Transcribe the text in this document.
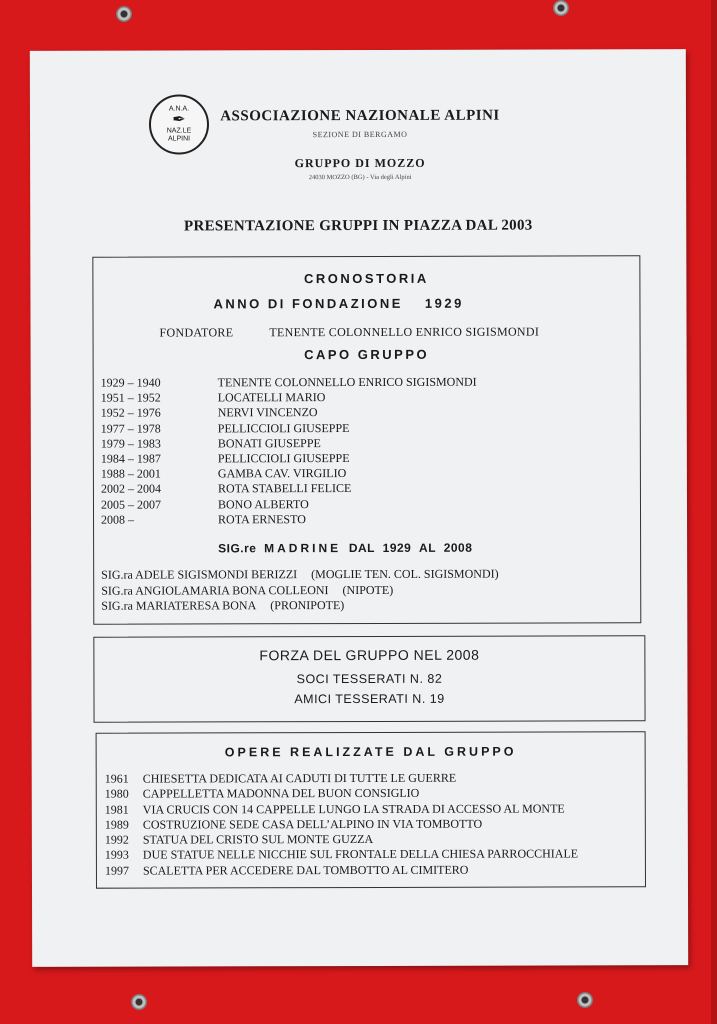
A.N.A.
✒
NAZ.LE
ALPINI
ASSOCIAZIONE NAZIONALE ALPINI
SEZIONE DI BERGAMO
GRUPPO DI MOZZO
24030 MOZZO (BG) - Via degli Alpini
PRESENTAZIONE GRUPPI IN PIAZZA DAL 2003
CRONOSTORIA
ANNO DI FONDAZIONE 1929
FONDATORE	TENENTE COLONNELLO ENRICO SIGISMONDI
CAPO GRUPPO
1929 – 1940	TENENTE COLONNELLO ENRICO SIGISMONDI
1951 – 1952	LOCATELLI MARIO
1952 – 1976	NERVI VINCENZO
1977 – 1978	PELLICCIOLI GIUSEPPE
1979 – 1983	BONATI GIUSEPPE
1984 – 1987	PELLICCIOLI GIUSEPPE
1988 – 2001	GAMBA CAV. VIRGILIO
2002 – 2004	ROTA STABELLI FELICE
2005 – 2007	BONO ALBERTO
2008 –	ROTA ERNESTO
SIG.re MADRINE DAL 1929 AL 2008
SIG.ra ADELE SIGISMONDI BERIZZI (MOGLIE TEN. COL. SIGISMONDI)
SIG.ra ANGIOLAMARIA BONA COLLEONI (NIPOTE)
SIG.ra MARIATERESA BONA (PRONIPOTE)
FORZA DEL GRUPPO NEL 2008
SOCI TESSERATI N. 82
AMICI TESSERATI N. 19
OPERE REALIZZATE DAL GRUPPO
1961 CHIESETTA DEDICATA AI CADUTI DI TUTTE LE GUERRE
1980 CAPPELLETTA MADONNA DEL BUON CONSIGLIO
1981 VIA CRUCIS CON 14 CAPPELLE LUNGO LA STRADA DI ACCESSO AL MONTE
1989 COSTRUZIONE SEDE CASA DELL’ALPINO IN VIA TOMBOTTO
1992 STATUA DEL CRISTO SUL MONTE GUZZA
1993 DUE STATUE NELLE NICCHIE SUL FRONTALE DELLA CHIESA PARROCCHIALE
1997 SCALETTA PER ACCEDERE DAL TOMBOTTO AL CIMITERO
